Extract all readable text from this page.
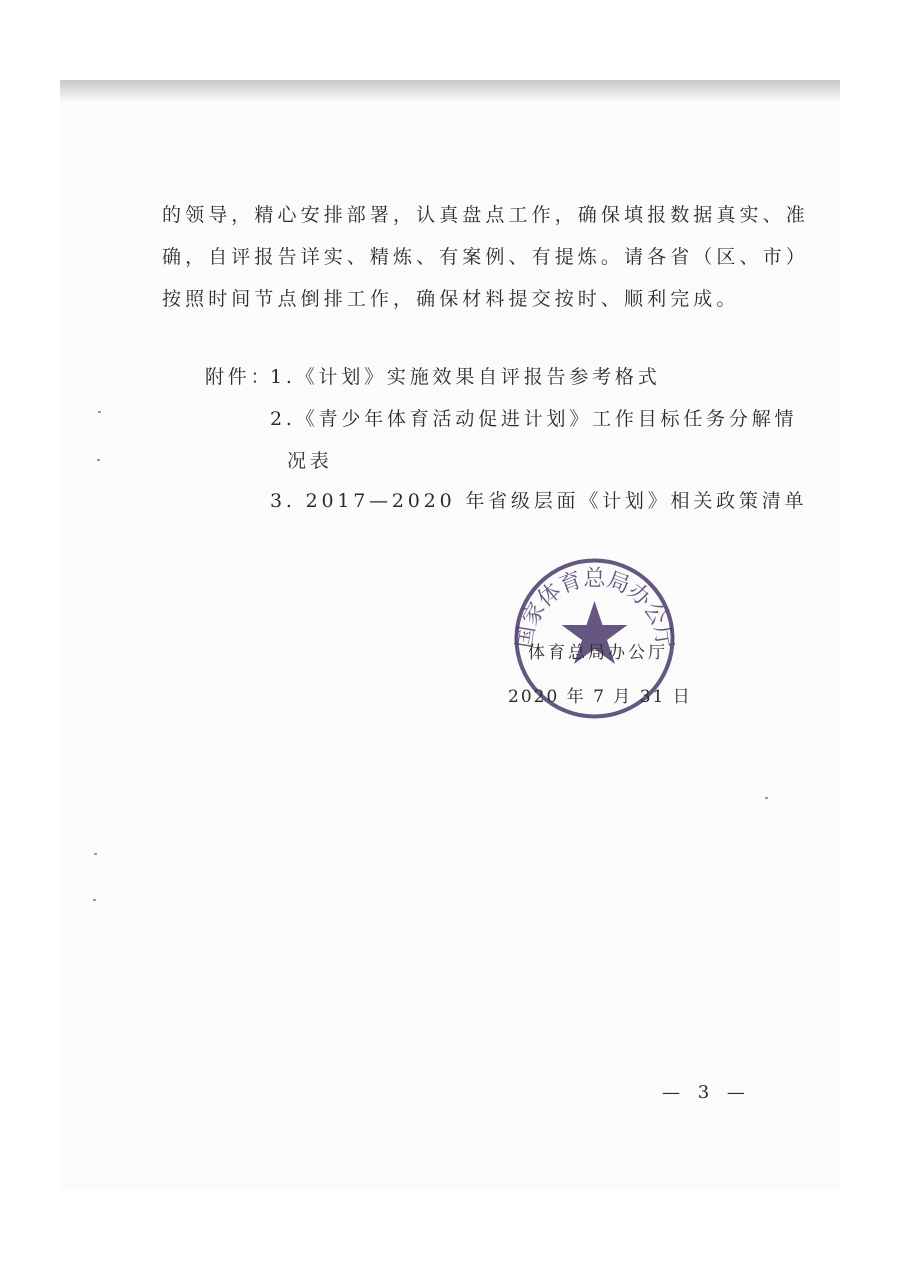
的领导，精心安排部署，认真盘点工作，确保填报数据真实、准
确，自评报告详实、精炼、有案例、有提炼。请各省（区、市）
按照时间节点倒排工作，确保材料提交按时、顺利完成。
附件：
1.《计划》实施效果自评报告参考格式
2.《青少年体育活动促进计划》工作目标任务分解情
况表
3. 2017—2020 年省级层面《计划》相关政策清单
国家体育总局办公厅
体育总局办公厅
2020 年 7 月 31 日
— 3 —
